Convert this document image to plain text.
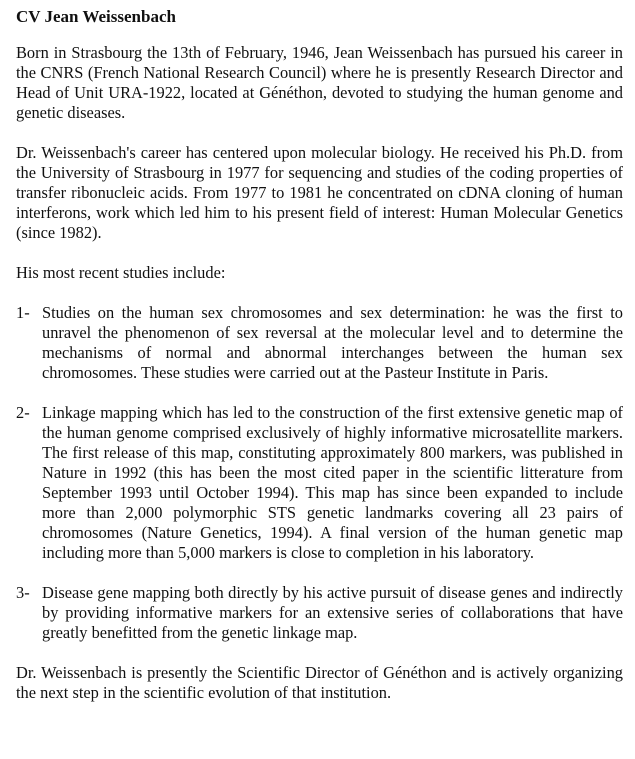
CV Jean Weissenbach

Born in Strasbourg the 13th of February, 1946, Jean Weissenbach has pursued his career in the CNRS (French National Research Council) where he is presently Research Director and Head of Unit URA-1922, located at Généthon, devoted to studying the human genome and genetic diseases.

Dr. Weissenbach's career has centered upon molecular biology. He received his Ph.D. from the University of Strasbourg in 1977 for sequencing and studies of the coding properties of transfer ribonucleic acids. From 1977 to 1981 he concentrated on cDNA cloning of human interferons, work which led him to his present field of interest: Human Molecular Genetics (since 1982).

His most recent studies include:

1- Studies on the human sex chromosomes and sex determination: he was the first to unravel the phenomenon of sex reversal at the molecular level and to determine the mechanisms of normal and abnormal interchanges between the human sex chromosomes. These studies were carried out at the Pasteur Institute in Paris.
2- Linkage mapping which has led to the construction of the first extensive genetic map of the human genome comprised exclusively of highly informative microsatellite markers. The first release of this map, constituting approximately 800 markers, was published in Nature in 1992 (this has been the most cited paper in the scientific litterature from September 1993 until October 1994). This map has since been expanded to include more than 2,000 polymorphic STS genetic landmarks covering all 23 pairs of chromosomes (Nature Genetics, 1994). A final version of the human genetic map including more than 5,000 markers is close to completion in his laboratory.
3- Disease gene mapping both directly by his active pursuit of disease genes and indirectly by providing informative markers for an extensive series of collaborations that have greatly benefitted from the genetic linkage map.

Dr. Weissenbach is presently the Scientific Director of Généthon and is actively organizing the next step in the scientific evolution of that institution.
